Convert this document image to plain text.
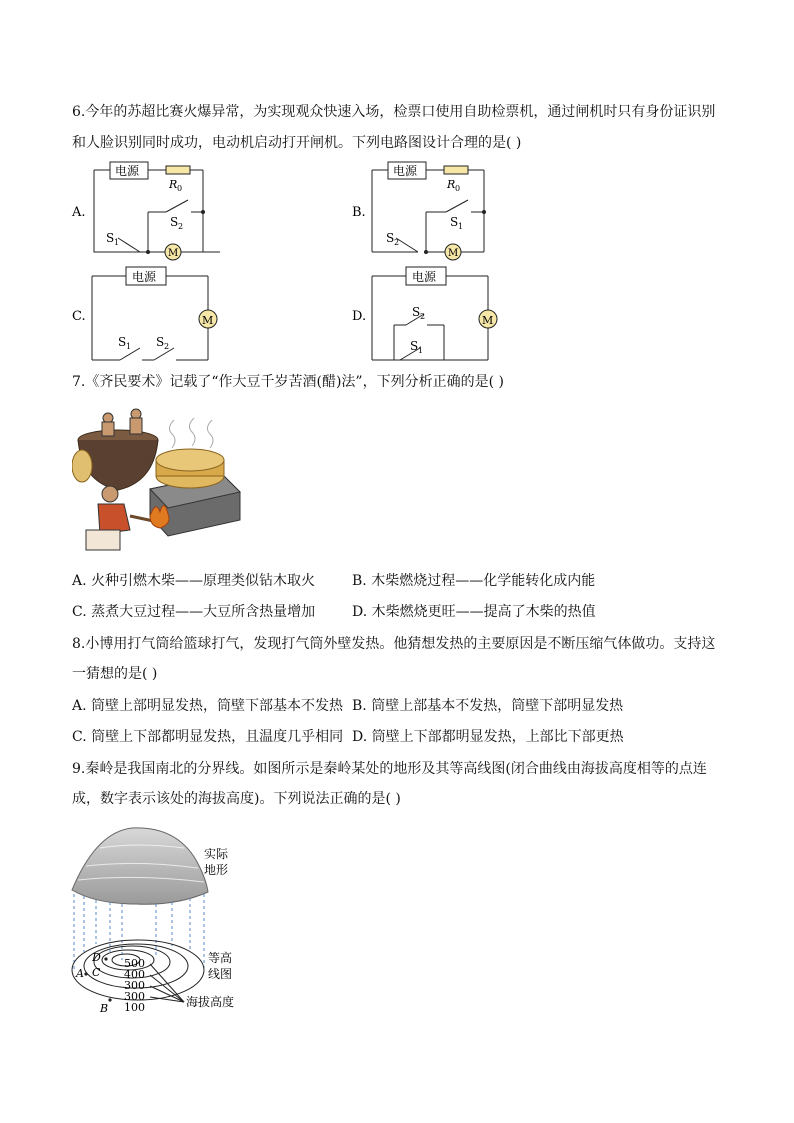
6.今年的苏超比赛火爆异常，为实现观众快速入场，检票口使用自助检票机，通过闸机时只有身份证识别
和人脸识别同时成功，电动机启动打开闸机。下列电路图设计合理的是( )
A.
电源
R 0
M
S 1
S 2
B.
电源
R 0
M
S 2
S 1
C.
电源
M
S 1 S 2
D.
电源
M
S 2
S 1
7.《齐民要术》记载了“作大豆千岁苦酒(醋)法”，下列分析正确的是( )
A. 火种引燃木柴——原理类似钻木取火	B. 木柴燃烧过程——化学能转化成内能
C. 蒸煮大豆过程——大豆所含热量增加	D. 木柴燃烧更旺——提高了木柴的热值
8.小博用打气筒给篮球打气，发现打气筒外壁发热。他猜想发热的主要原因是不断压缩气体做功。支持这
一猜想的是( )
A. 筒壁上部明显发热，筒壁下部基本不发热 B. 筒壁上部基本不发热，筒壁下部明显发热
C. 筒壁上下部都明显发热，且温度几乎相同 D. 筒壁上下部都明显发热，上部比下部更热
9.秦岭是我国南北的分界线。如图所示是秦岭某处的地形及其等高线图(闭合曲线由海拔高度相等的点连
成，数字表示该处的海拔高度)。下列说法正确的是( )
500
400
300
300
100
D
A C
B
实际
地形
等高
线图
海拔高度
